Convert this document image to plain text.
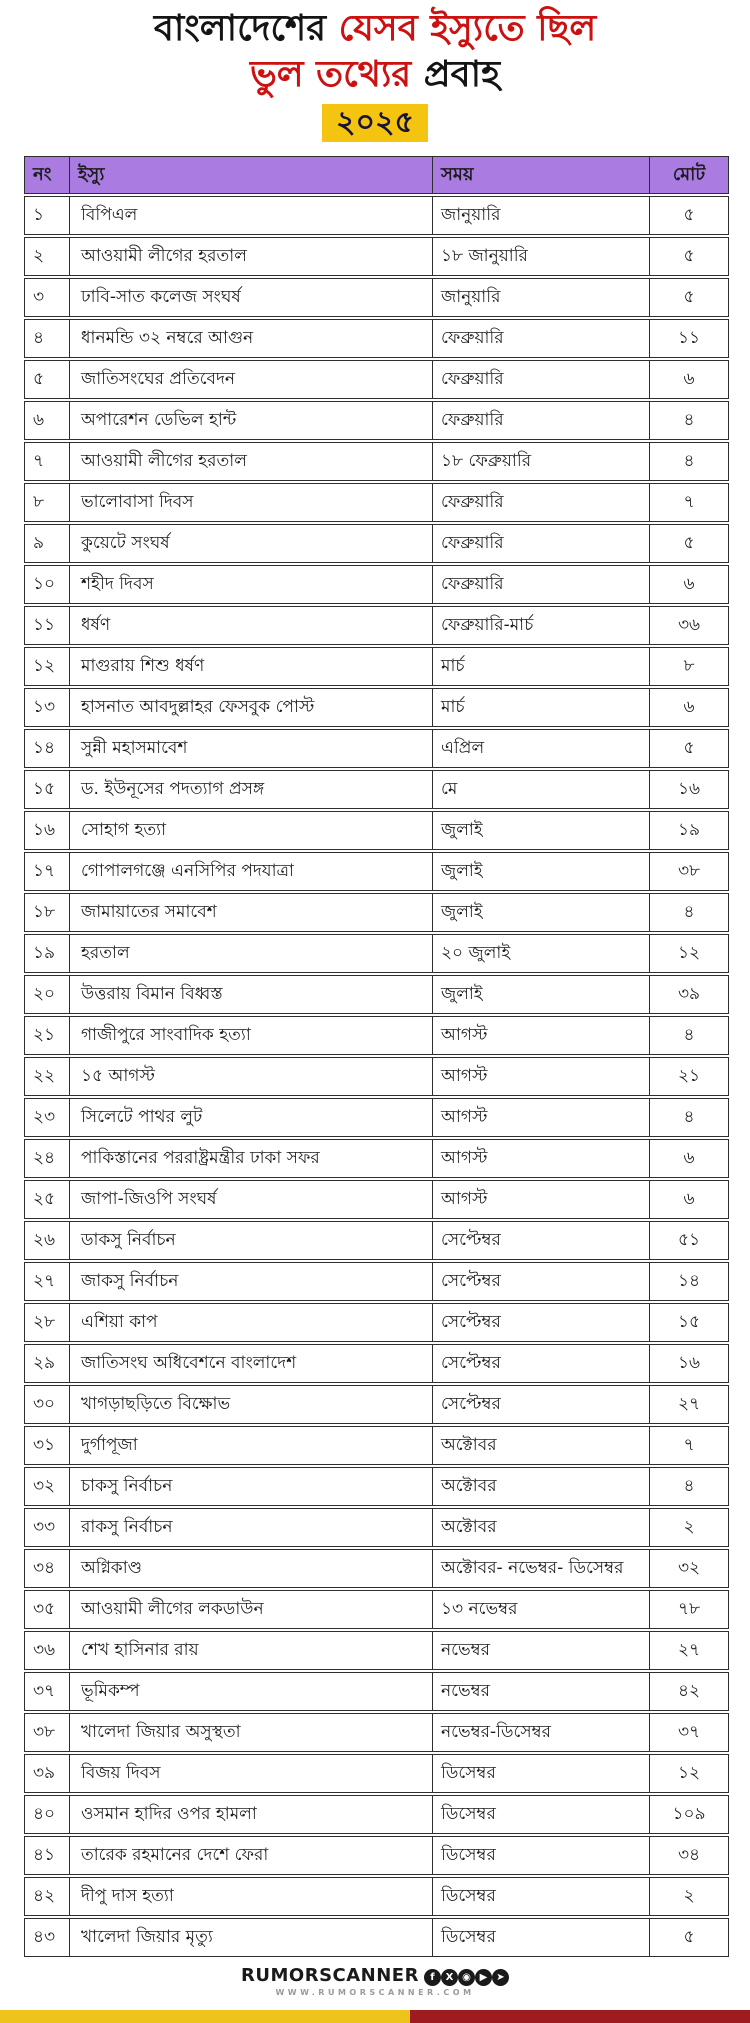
বাংলাদেশের যেসব ইস্যুতে ছিল
ভুল তথ্যের প্রবাহ
২০২৫
নং	ইস্যু	সময়	মোট
১	বিপিএল	জানুয়ারি	৫
২	আওয়ামী লীগের হরতাল	১৮ জানুয়ারি	৫
৩	ঢাবি-সাত কলেজ সংঘর্ষ	জানুয়ারি	৫
৪	ধানমন্ডি ৩২ নম্বরে আগুন	ফেব্রুয়ারি	১১
৫	জাতিসংঘের প্রতিবেদন	ফেব্রুয়ারি	৬
৬	অপারেশন ডেভিল হান্ট	ফেব্রুয়ারি	৪
৭	আওয়ামী লীগের হরতাল	১৮ ফেব্রুয়ারি	৪
৮	ভালোবাসা দিবস	ফেব্রুয়ারি	৭
৯	কুয়েটে সংঘর্ষ	ফেব্রুয়ারি	৫
১০	শহীদ দিবস	ফেব্রুয়ারি	৬
১১	ধর্ষণ	ফেব্রুয়ারি-মার্চ	৩৬
১২	মাগুরায় শিশু ধর্ষণ	মার্চ	৮
১৩	হাসনাত আবদুল্লাহর ফেসবুক পোস্ট	মার্চ	৬
১৪	সুন্নী মহাসমাবেশ	এপ্রিল	৫
১৫	ড. ইউনূসের পদত্যাগ প্রসঙ্গ	মে	১৬
১৬	সোহাগ হত্যা	জুলাই	১৯
১৭	গোপালগঞ্জে এনসিপির পদযাত্রা	জুলাই	৩৮
১৮	জামায়াতের সমাবেশ	জুলাই	৪
১৯	হরতাল	২০ জুলাই	১২
২০	উত্তরায় বিমান বিধ্বস্ত	জুলাই	৩৯
২১	গাজীপুরে সাংবাদিক হত্যা	আগস্ট	৪
২২	১৫ আগস্ট	আগস্ট	২১
২৩	সিলেটে পাথর লুট	আগস্ট	৪
২৪	পাকিস্তানের পররাষ্ট্রমন্ত্রীর ঢাকা সফর	আগস্ট	৬
২৫	জাপা-জিওপি সংঘর্ষ	আগস্ট	৬
২৬	ডাকসু নির্বাচন	সেপ্টেম্বর	৫১
২৭	জাকসু নির্বাচন	সেপ্টেম্বর	১৪
২৮	এশিয়া কাপ	সেপ্টেম্বর	১৫
২৯	জাতিসংঘ অধিবেশনে বাংলাদেশ	সেপ্টেম্বর	১৬
৩০	খাগড়াছড়িতে বিক্ষোভ	সেপ্টেম্বর	২৭
৩১	দুর্গাপূজা	অক্টোবর	৭
৩২	চাকসু নির্বাচন	অক্টোবর	৪
৩৩	রাকসু নির্বাচন	অক্টোবর	২
৩৪	অগ্নিকাণ্ড	অক্টোবর- নভেম্বর- ডিসেম্বর	৩২
৩৫	আওয়ামী লীগের লকডাউন	১৩ নভেম্বর	৭৮
৩৬	শেখ হাসিনার রায়	নভেম্বর	২৭
৩৭	ভূমিকম্প	নভেম্বর	৪২
৩৮	খালেদা জিয়ার অসুস্থতা	নভেম্বর-ডিসেম্বর	৩৭
৩৯	বিজয় দিবস	ডিসেম্বর	১২
৪০	ওসমান হাদির ওপর হামলা	ডিসেম্বর	১০৯
৪১	তারেক রহমানের দেশে ফেরা	ডিসেম্বর	৩৪
৪২	দীপু দাস হত্যা	ডিসেম্বর	২
৪৩	খালেদা জিয়ার মৃত্যু	ডিসেম্বর	৫
RUMORSCANNER	f X ◉ ▶ ➤
WWW.RUMORSCANNER.COM
